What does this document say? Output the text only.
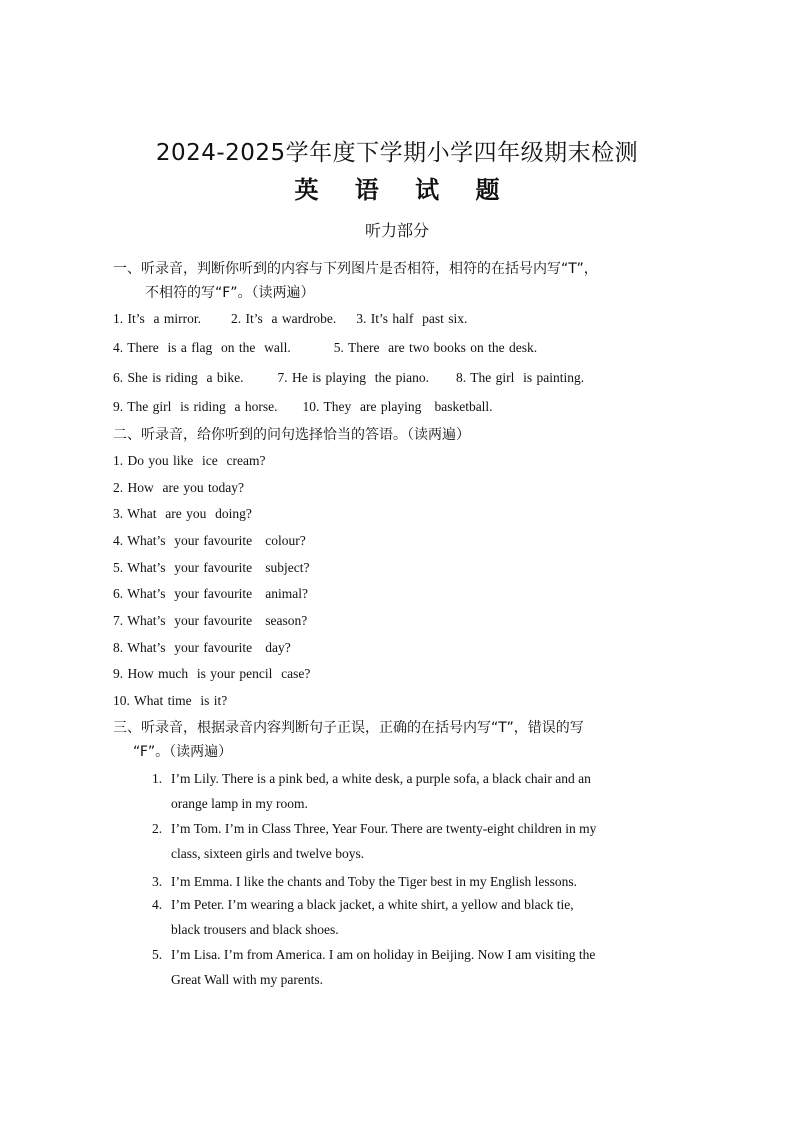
2024-2025学年度下学期小学四年级期末检测
英 语 试 题
听力部分
一、听录音，判断你听到的内容与下列图片是否相符，相符的在括号内写“T”，
不相符的写“F”。（读两遍）
1. It’s  a mirror. 2. It’s  a wardrobe. 3. It’s half  past six.
4. There  is a flag  on the  wall.	5. There  are two books on the desk.
6. She is riding  a bike.	7. He is playing  the piano. 8. The girl  is painting.
9. The girl  is riding  a horse. 10. They  are playing   basketball.
二、听录音，给你听到的问句选择恰当的答语。（读两遍）
1. Do you like  ice  cream?
2. How  are you today?
3. What  are you  doing?
4. What’s  your favourite   colour?
5. What’s  your favourite   subject?
6. What’s  your favourite   animal?
7. What’s  your favourite   season?
8. What’s  your favourite   day?
9. How much  is your pencil  case?
10. What time  is it?
三、听录音，根据录音内容判断句子正误，正确的在括号内写“T”，错误的写
“F”。（读两遍）
1. I’m Lily. There is a pink bed, a white desk, a purple sofa, a black chair and an
orange lamp in my room.
2. I’m Tom. I’m in Class Three, Year Four. There are twenty-eight children in my
class, sixteen girls and twelve boys.
3. I’m Emma. I like the chants and Toby the Tiger best in my English lessons.
4. I’m Peter. I’m wearing a black jacket, a white shirt, a yellow and black tie,
black trousers and black shoes.
5. I’m Lisa. I’m from America. I am on holiday in Beijing. Now I am visiting the
Great Wall with my parents.
